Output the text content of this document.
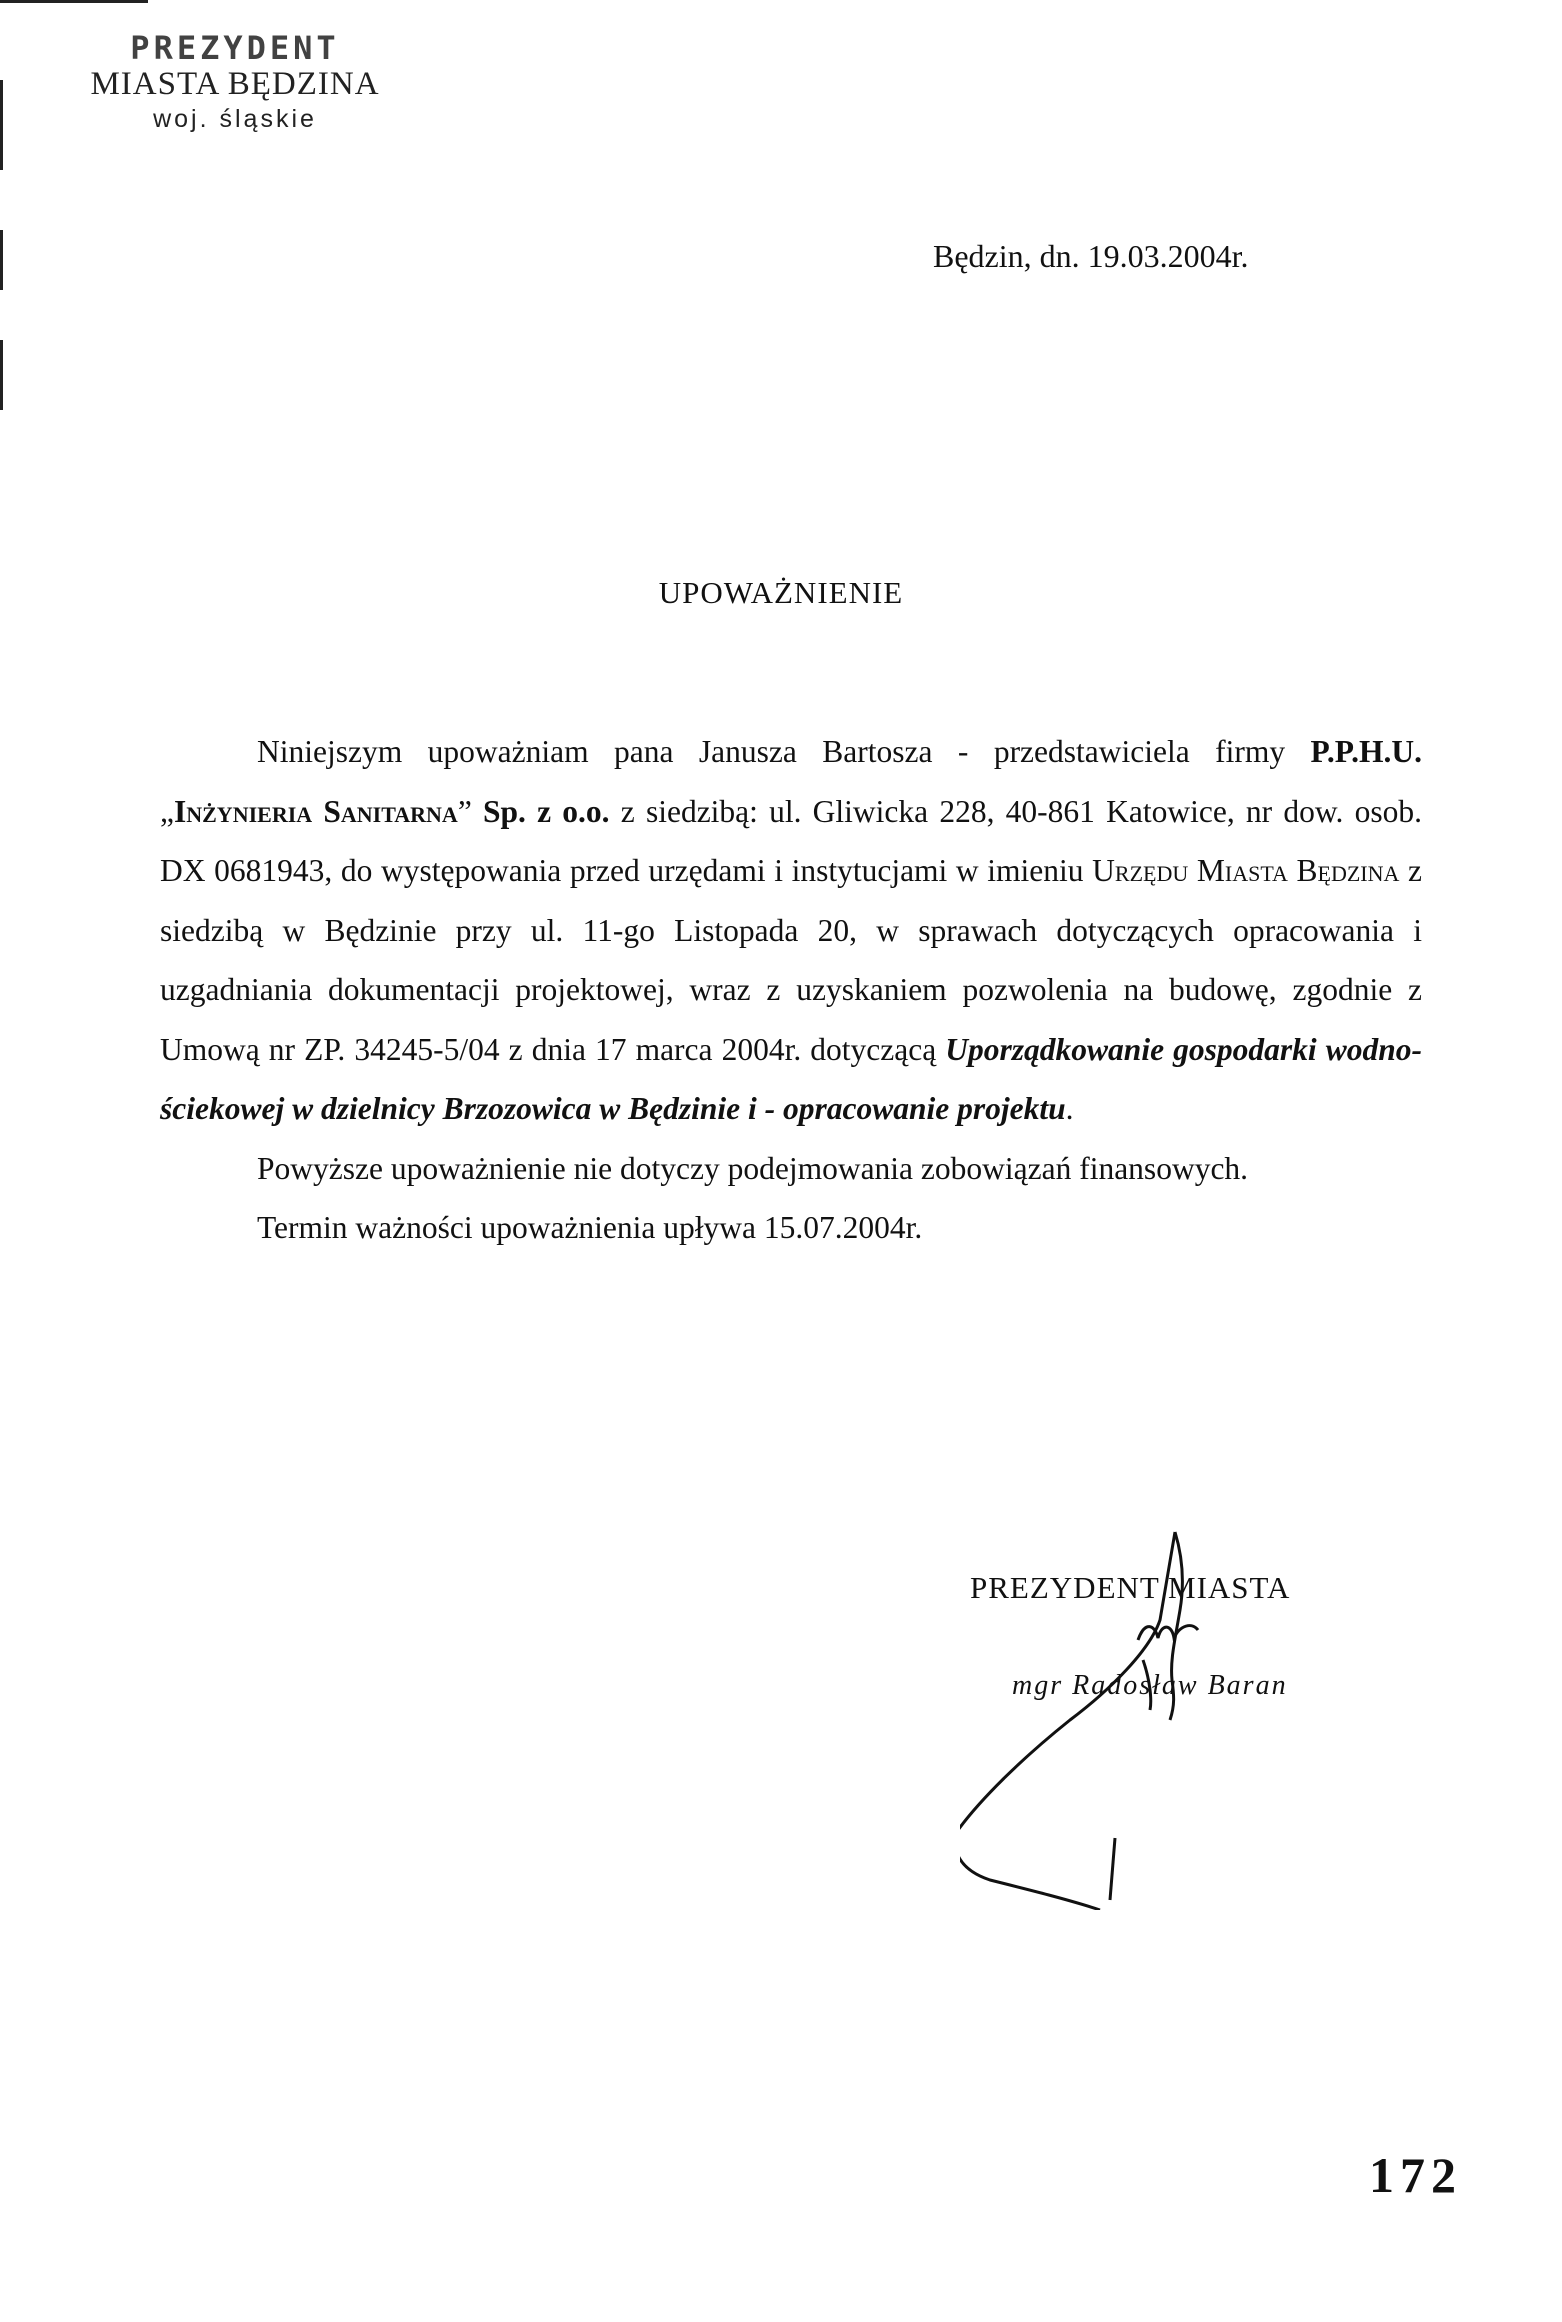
PREZYDENT
MIASTA BĘDZINA
woj. śląskie
Będzin, dn. 19.03.2004r.
UPOWAŻNIENIE

Niniejszym upoważniam pana Janusza Bartosza - przedstawiciela firmy P.P.H.U. „Inżynieria Sanitarna” Sp. z o.o. z siedzibą: ul. Gliwicka 228, 40-861 Katowice, nr dow. osob. DX 0681943, do występowania przed urzędami i instytucjami w imieniu Urzędu Miasta Będzina z siedzibą w Będzinie przy ul. 11-go Listopada 20, w sprawach dotyczących opracowania i uzgadniania dokumentacji projektowej, wraz z uzyskaniem pozwolenia na budowę, zgodnie z Umową nr ZP. 34245-5/04 z dnia 17 marca 2004r. dotyczącą Uporządkowanie gospodarki wodno-ściekowej w dzielnicy Brzozowica w Będzinie i - opracowanie projektu.

Powyższe upoważnienie nie dotyczy podejmowania zobowiązań finansowych.

Termin ważności upoważnienia upływa 15.07.2004r.

PREZYDENT MIASTA
mgr Radosław Baran
172
